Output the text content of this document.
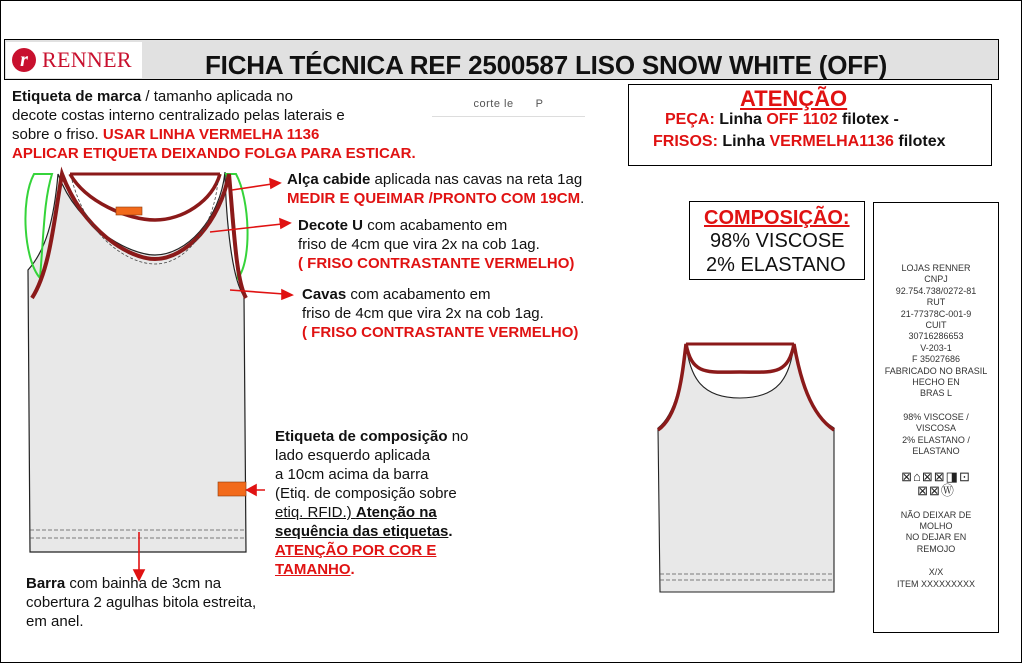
r RENNER	FICHA TÉCNICA REF 2500587 LISO SNOW WHITE (OFF)
Etiqueta de marca / tamanho aplicada no
decote costas interno centralizado pelas laterais e
sobre o friso. USAR LINHA VERMELHA 1136
APLICAR ETIQUETA DEIXANDO FOLGA PARA ESTICAR.
corte le P	ATENÇÃO
PEÇA: Linha OFF 1102 filotex -
FRISOS: Linha VERMELHA1136 filotex
Alça cabide aplicada nas cavas na reta 1ag
MEDIR E QUEIMAR /PRONTO COM 19CM.
Decote U com acabamento em
friso de 4cm que vira 2x na cob 1ag.
( FRISO CONTRASTANTE VERMELHO)
Cavas com acabamento em
friso de 4cm que vira 2x na cob 1ag.
( FRISO CONTRASTANTE VERMELHO)
Etiqueta de composição no
lado esquerdo aplicada
a 10cm acima da barra
(Etiq. de composição sobre
etiq. RFID.) Atenção na
sequência das etiquetas.
ATENÇÃO POR COR E
TAMANHO.
Barra com bainha de 3cm na
cobertura 2 agulhas bitola estreita,
em anel.
COMPOSIÇÃO:
98% VISCOSE
2% ELASTANO	LOJAS RENNER
CNPJ
92.754.738/0272-81
RUT
21-77378C-001-9
CUIT
30716286653
V-203-1
F 35027686
FABRICADO NO BRASIL
HECHO EN
BRAS L
98% VISCOSE /
VISCOSA
2% ELASTANO /
ELASTANO
⊠⌂⊠⊠◨⊡
⊠⊠Ⓦ
NÃO DEIXAR DE
MOLHO
NO DEJAR EN
REMOJO
X/X
ITEM XXXXXXXXX
